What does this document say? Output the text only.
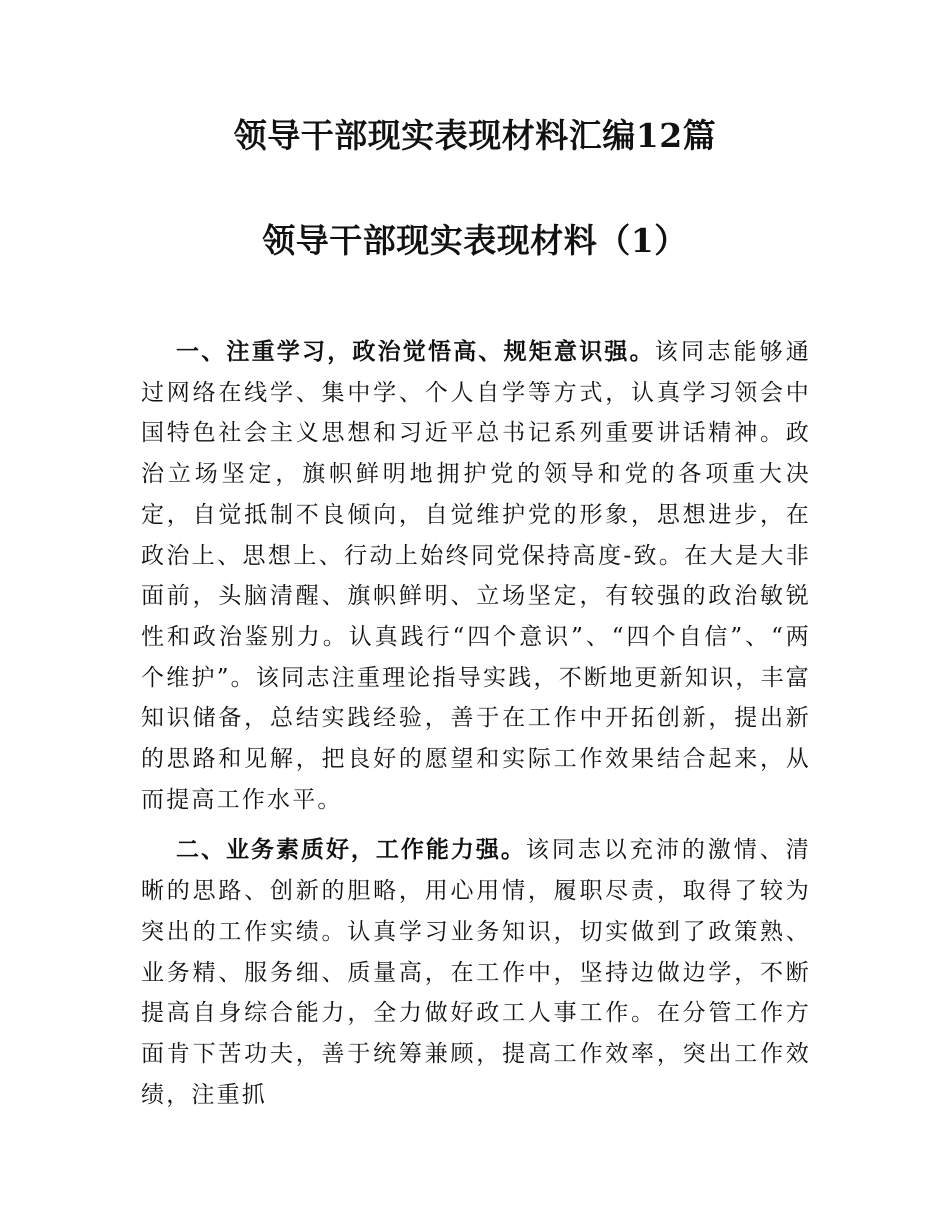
领导干部现实表现材料汇编12篇
领导干部现实表现材料（1）

一、注重学习，政治觉悟高、规矩意识强。该同志能够通过网络在线学、集中学、个人自学等方式，认真学习领会中国特色社会主义思想和习近平总书记系列重要讲话精神。政治立场坚定，旗帜鲜明地拥护党的领导和党的各项重大决定，自觉抵制不良倾向，自觉维护党的形象，思想进步，在政治上、思想上、行动上始终同党保持高度-致。在大是大非面前，头脑清醒、旗帜鲜明、立场坚定，有较强的政治敏锐性和政治鉴别力。认真践行“四个意识”、“四个自信”、“两个维护”。该同志注重理论指导实践，不断地更新知识，丰富知识储备，总结实践经验，善于在工作中开拓创新，提出新的思路和见解，把良好的愿望和实际工作效果结合起来，从而提高工作水平。

二、业务素质好，工作能力强。该同志以充沛的激情、清晰的思路、创新的胆略，用心用情，履职尽责，取得了较为突出的工作实绩。认真学习业务知识，切实做到了政策熟、业务精、服务细、质量高，在工作中，坚持边做边学，不断提高自身综合能力，全力做好政工人事工作。在分管工作方面肯下苦功夫，善于统筹兼顾，提高工作效率，突出工作效绩，注重抓
